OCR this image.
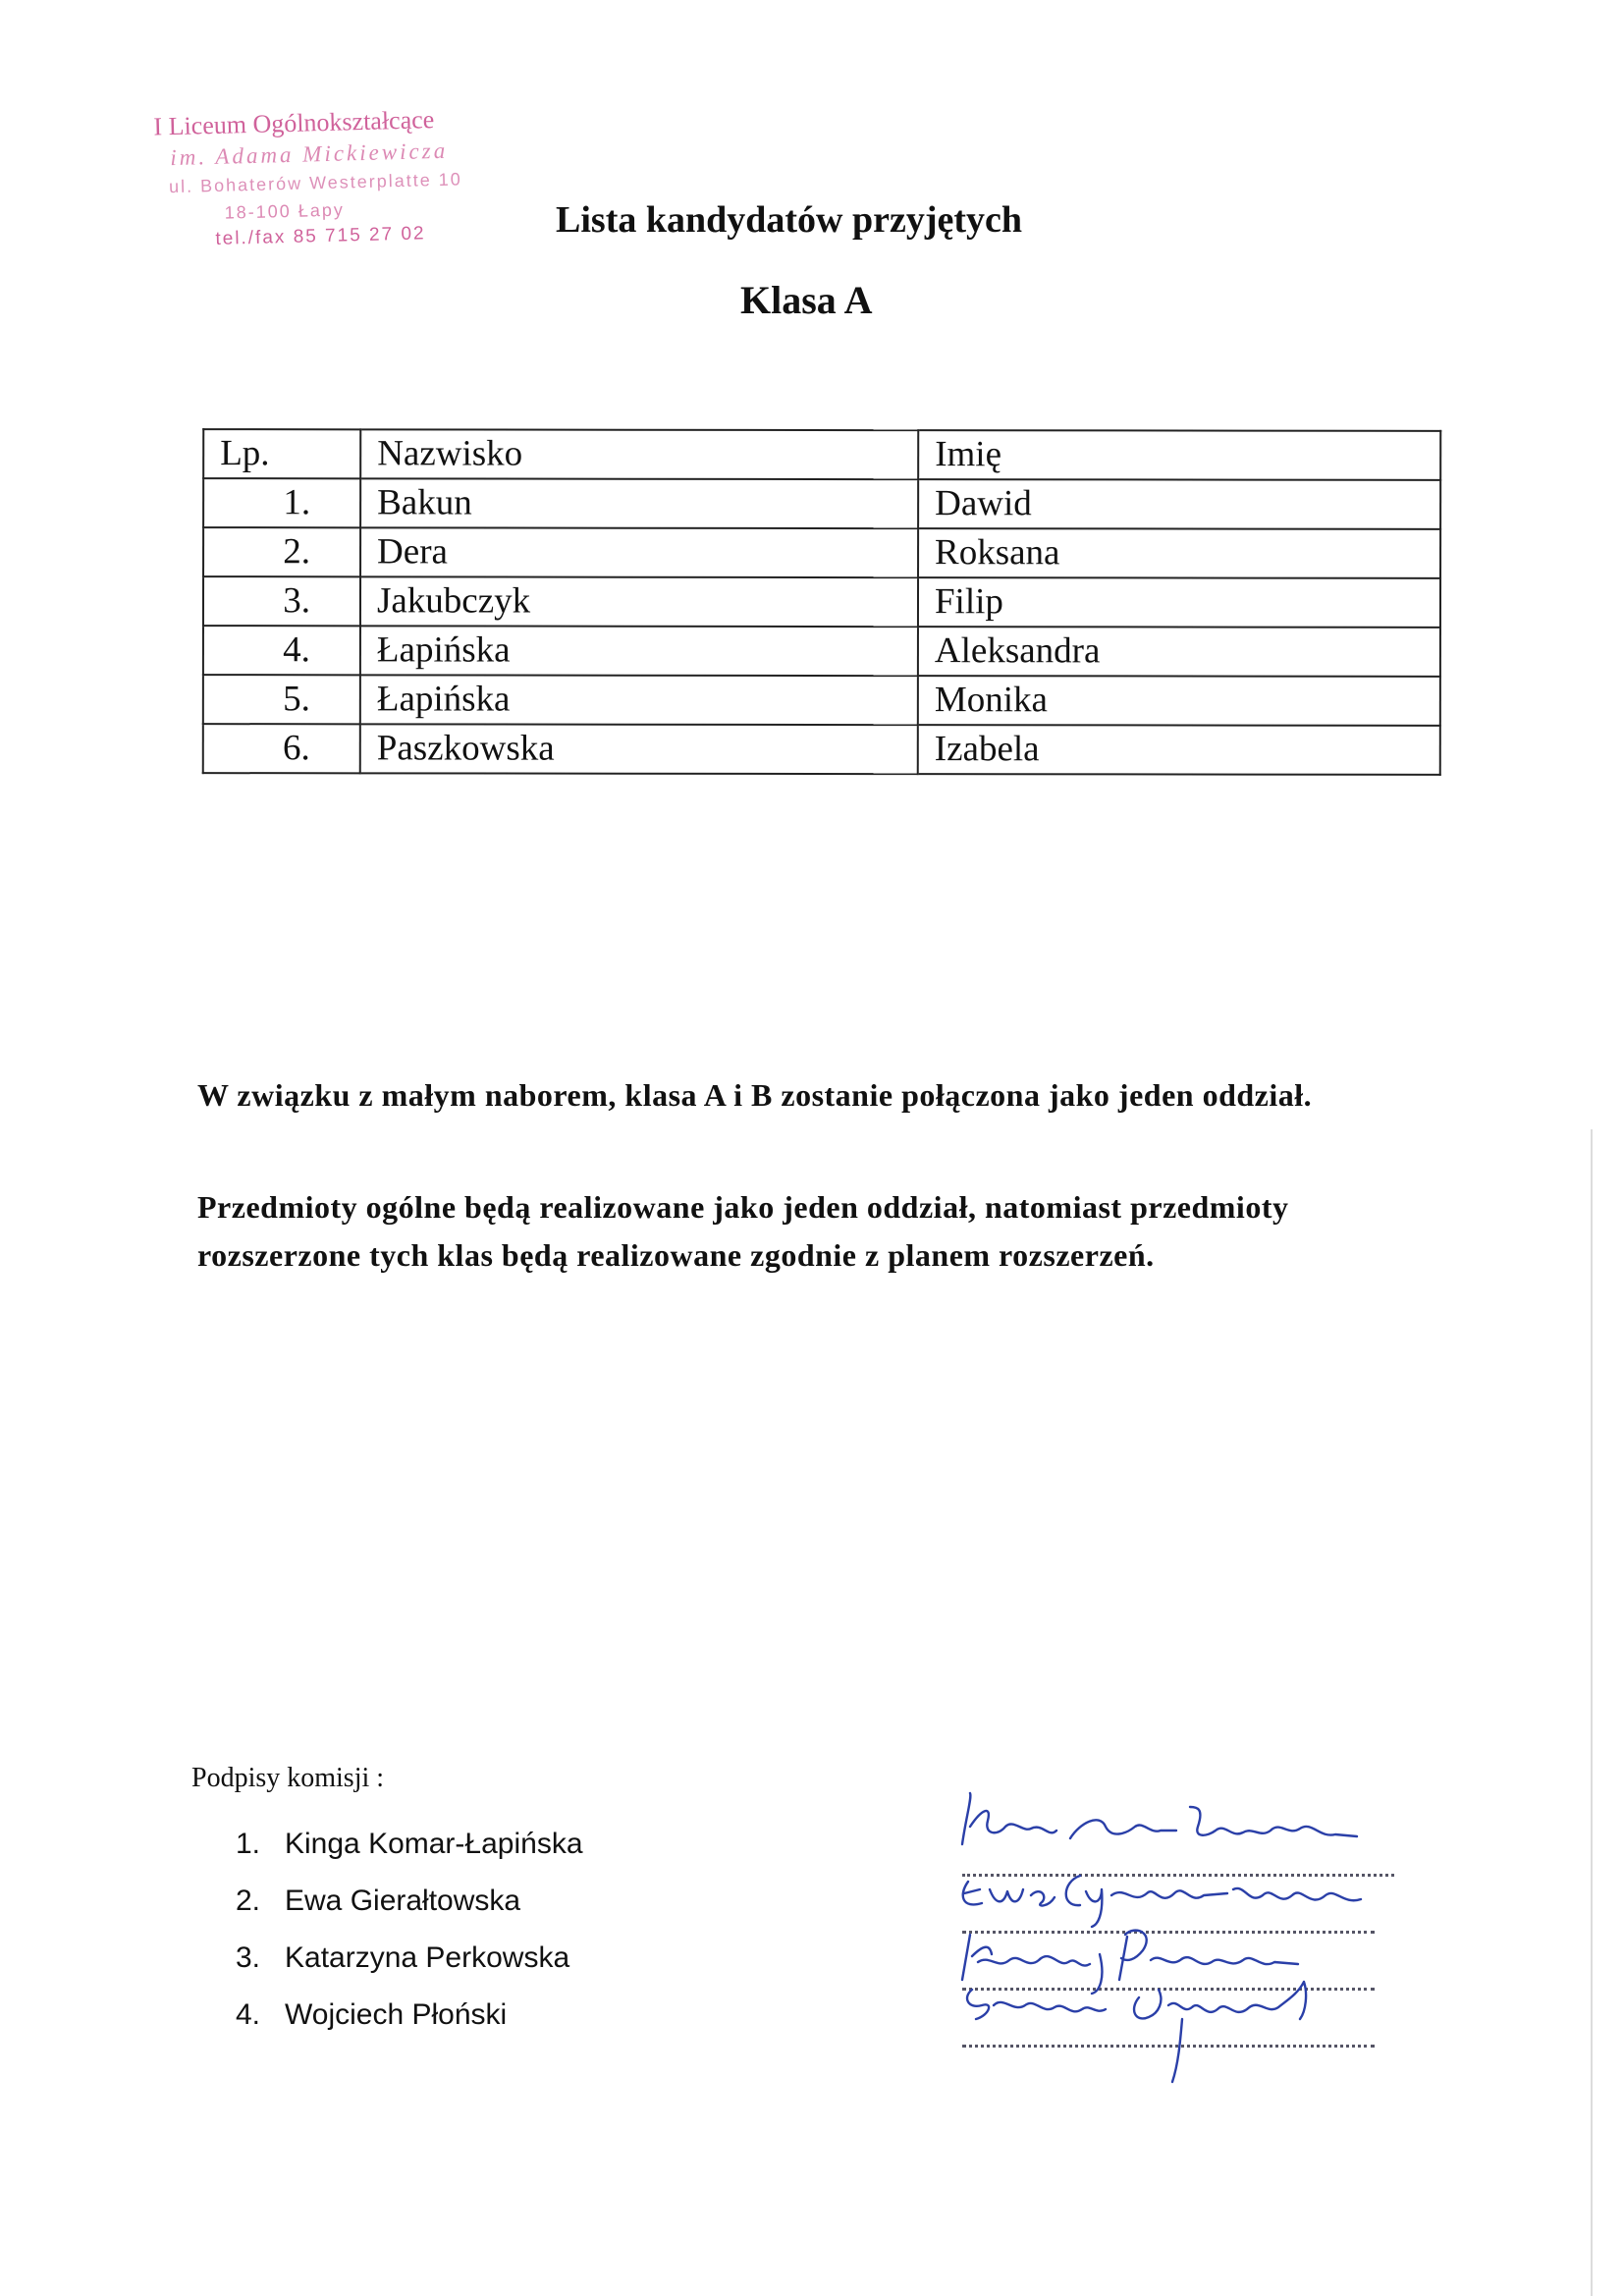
I Liceum Ogólnokształcące
im. Adama Mickiewicza
ul. Bohaterów Westerplatte 10
18-100 Łapy
tel./fax 85 715 27 02	Lista kandydatów przyjętych
Klasa A
Lp.	Nazwisko	Imię
1.	Bakun	Dawid
2.	Dera	Roksana
3.	Jakubczyk	Filip
4.	Łapińska	Aleksandra
5.	Łapińska	Monika
6.	Paszkowska	Izabela

W związku z małym naborem, klasa A i B zostanie połączona jako jeden oddział.

Przedmioty ogólne będą realizowane jako jeden oddział, natomiast przedmioty rozszerzone tych klas będą realizowane zgodnie z planem rozszerzeń.

Podpisy komisji :
1. Kinga Komar-Łapińska
2. Ewa Gierałtowska
3. Katarzyna Perkowska
4. Wojciech Płoński
